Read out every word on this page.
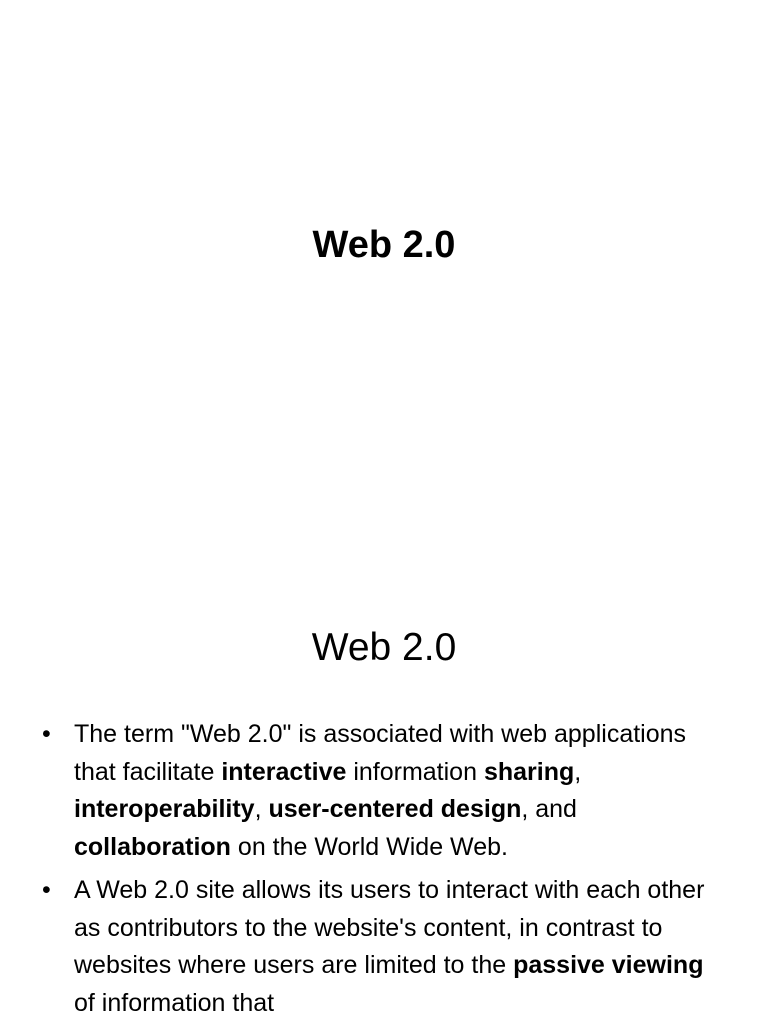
Web 2.0
Web 2.0
• The term "Web 2.0" is associated with web applications that facilitate interactive information sharing, interoperability, user-centered design, and collaboration on the World Wide Web.
• A Web 2.0 site allows its users to interact with each other as contributors to the website's content, in contrast to websites where users are limited to the passive viewing of information that
